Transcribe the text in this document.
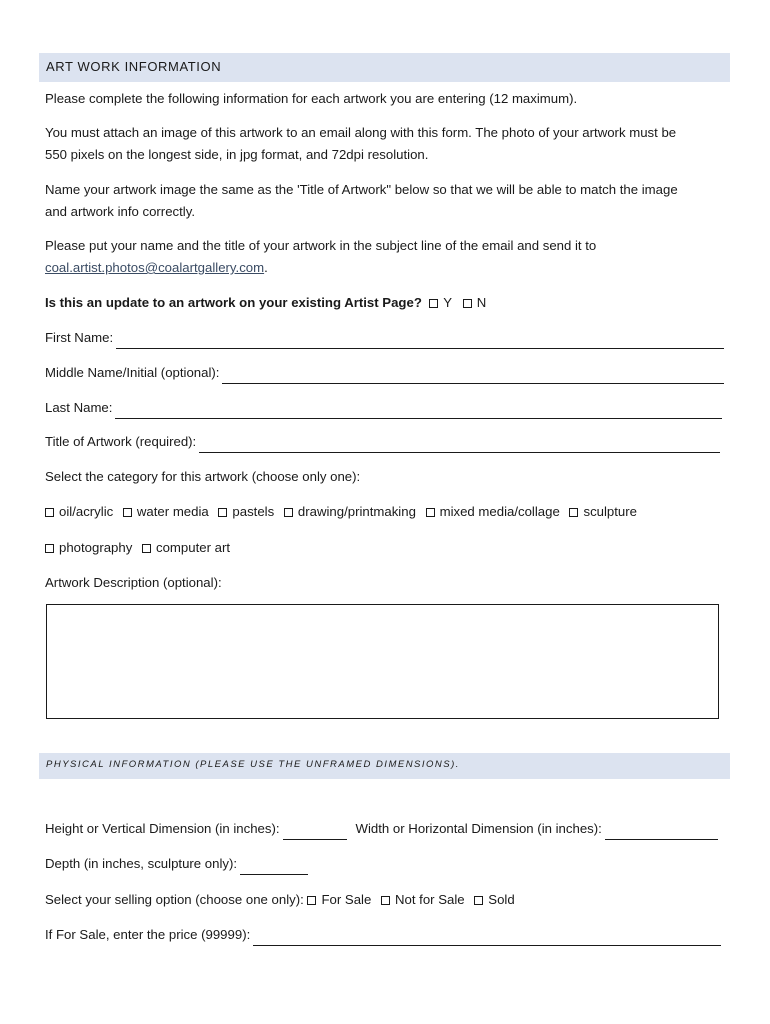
ART WORK INFORMATION

Please complete the following information for each artwork you are entering (12 maximum).

You must attach an image of this artwork to an email along with this form. The photo of your artwork must be
550 pixels on the longest side, in jpg format, and 72dpi resolution.

Name your artwork image the same as the 'Title of Artwork" below so that we will be able to match the image
and artwork info correctly.

Please put your name and the title of your artwork in the subject line of the email and send it to
coal.artist.photos@coalartgallery.com.

Is this an update to an artwork on your existing Artist Page? Y N

First Name:
Middle Name/Initial (optional):
Last Name:
Title of Artwork (required):

Select the category for this artwork (choose only one):

oil/acrylic water media pastels drawing/printmaking mixed media/collage sculpture

photography computer art

Artwork Description (optional):

PHYSICAL INFORMATION (PLEASE USE THE UNFRAMED DIMENSIONS).
Height or Vertical Dimension (in inches):	Width or Horizontal Dimension (in inches):
Depth (in inches, sculpture only):

Select your selling option (choose one only): For Sale Not for Sale Sold

If For Sale, enter the price (99999):
